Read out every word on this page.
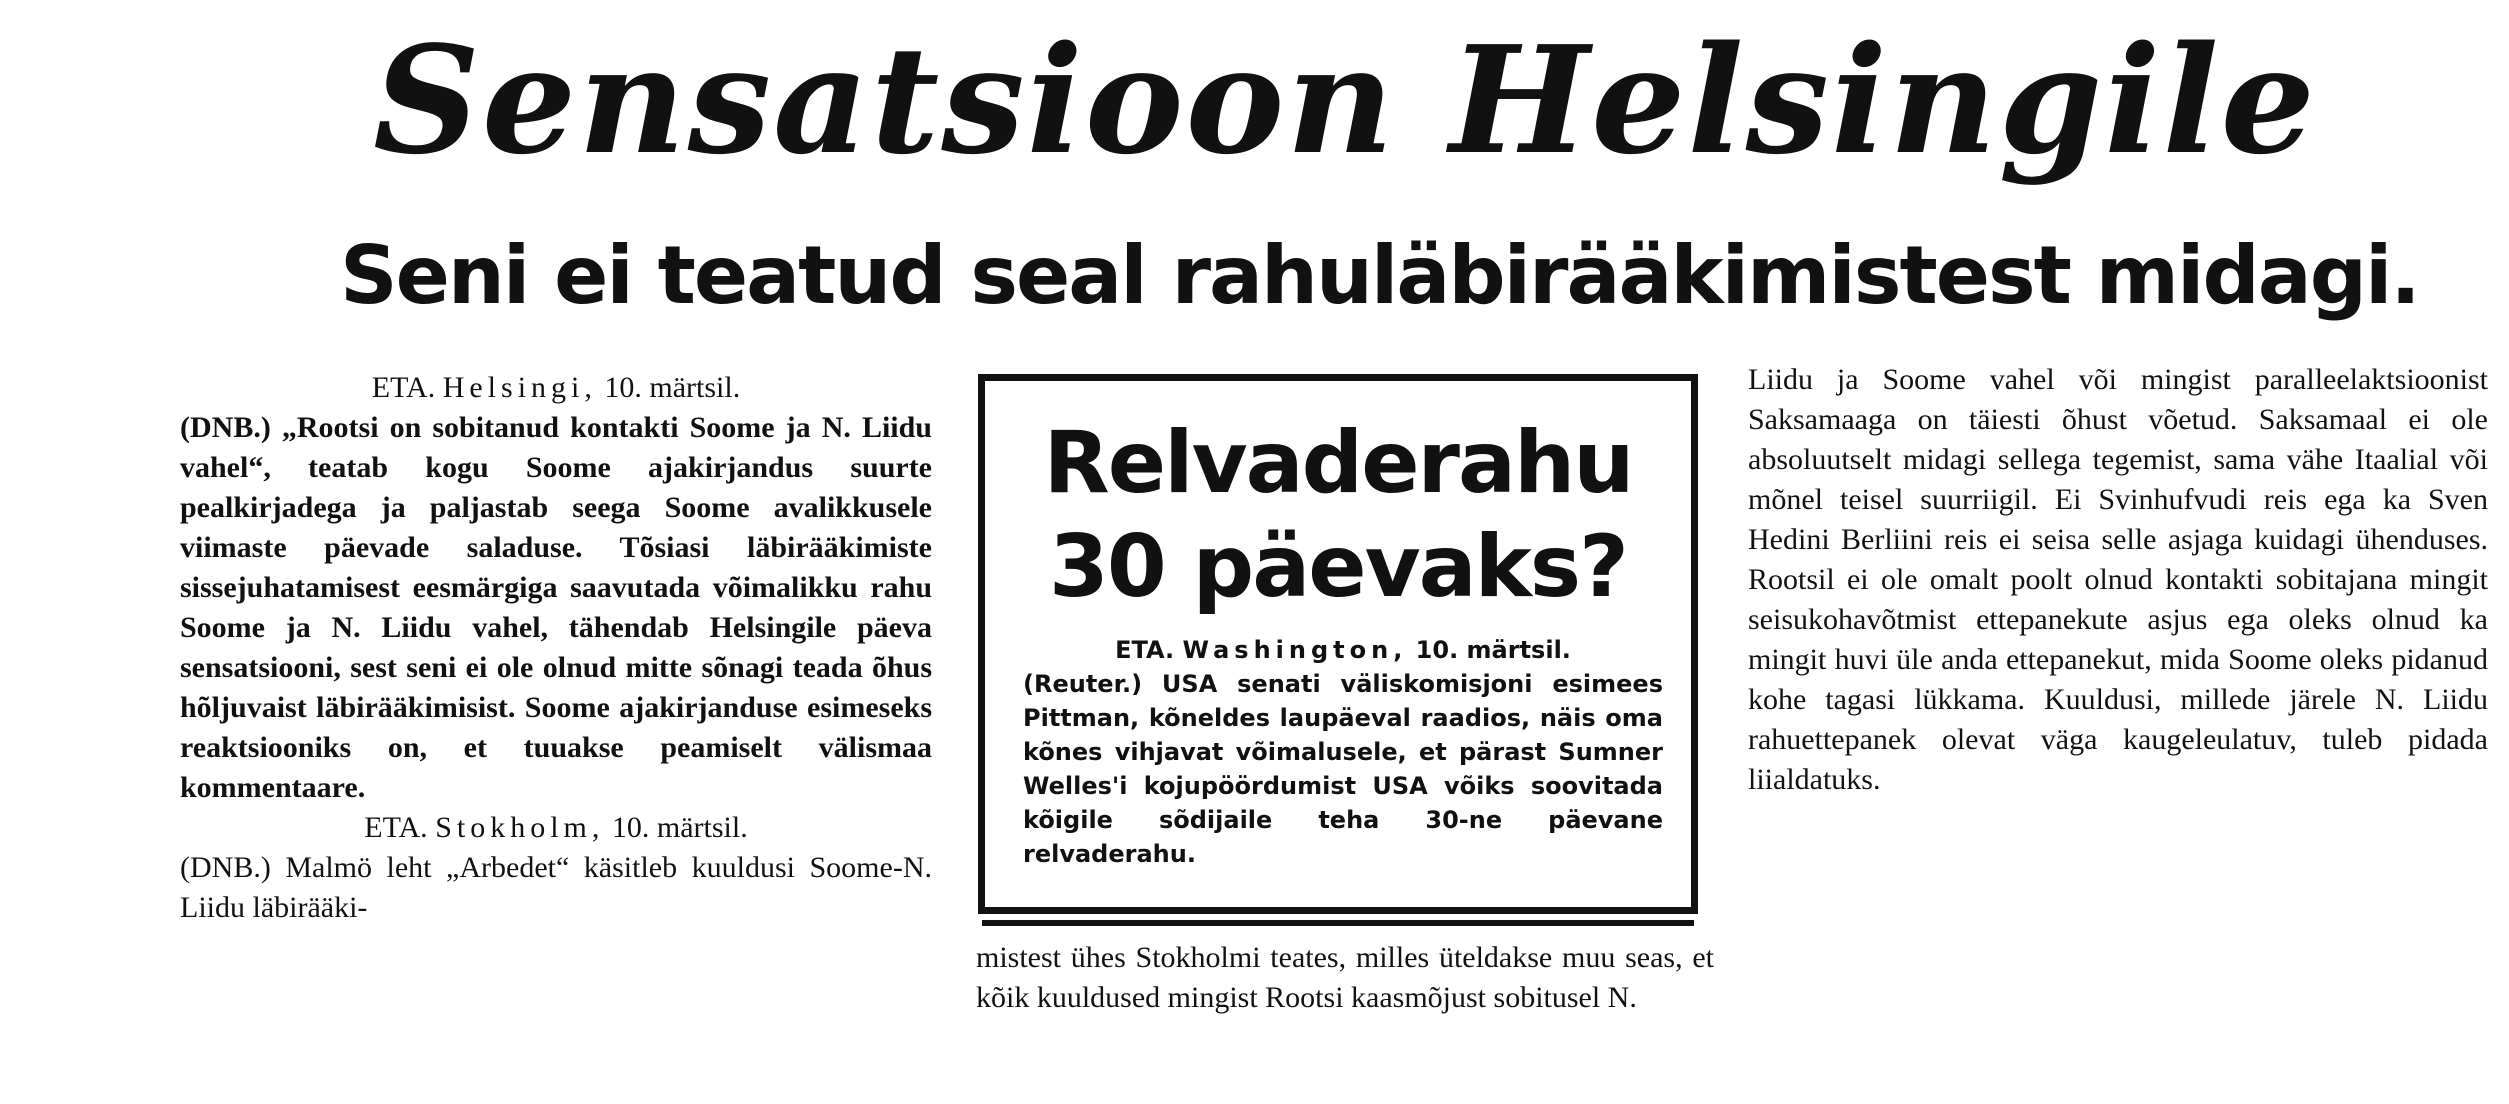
Sensatsioon Helsingile
Seni ei teatud seal rahuläbirääkimistest midagi.

ETA. Helsingi, 10. märtsil.

(DNB.) „Rootsi on sobitanud kontakti Soome ja N. Liidu vahel“, teatab kogu Soome ajakirjandus suurte pealkirjadega ja paljastab seega Soome avalikkusele viimaste päevade saladuse. Tõsiasi läbirääkimiste sissejuhatamisest eesmärgiga saavutada võimalikku rahu Soome ja N. Liidu vahel, tähendab Helsingile päeva sensatsiooni, sest seni ei ole olnud mitte sõnagi teada õhus hõljuvaist läbirääkimisist. Soome ajakirjanduse esimeseks reaktsiooniks on, et tuuakse peamiselt välismaa kommentaare.

ETA. Stokholm, 10. märtsil.

(DNB.) Malmö leht „Arbedet“ käsitleb kuuldusi Soome-N. Liidu läbirääki-

Relvaderahu
30 päevaks?
ETA. Washington, 10. märtsil.

(Reuter.) USA senati väliskomisjoni esimees Pittman, kõneldes laupäeval raadios, näis oma kõnes vihjavat võimalusele, et pärast Sumner Welles'i kojupöördumist USA võiks soovitada kõigile sõdijaile teha 30-ne päevane relvaderahu.

mistest ühes Stokholmi teates, milles üteldakse muu seas, et kõik kuuldused mingist Rootsi kaasmõjust sobitusel N.

Liidu ja Soome vahel või mingist paralleelaktsioonist Saksamaaga on täiesti õhust võetud. Saksamaal ei ole absoluutselt midagi sellega tegemist, sama vähe Itaalial või mõnel teisel suurriigil. Ei Svinhufvudi reis ega ka Sven Hedini Berliini reis ei seisa selle asjaga kuidagi ühenduses. Rootsil ei ole omalt poolt olnud kontakti sobitajana mingit seisukohavõtmist ettepanekute asjus ega oleks olnud ka mingit huvi üle anda ettepanekut, mida Soome oleks pidanud kohe tagasi lükkama. Kuuldusi, millede järele N. Liidu rahuettepanek olevat väga kaugeleulatuv, tuleb pidada liialdatuks.
